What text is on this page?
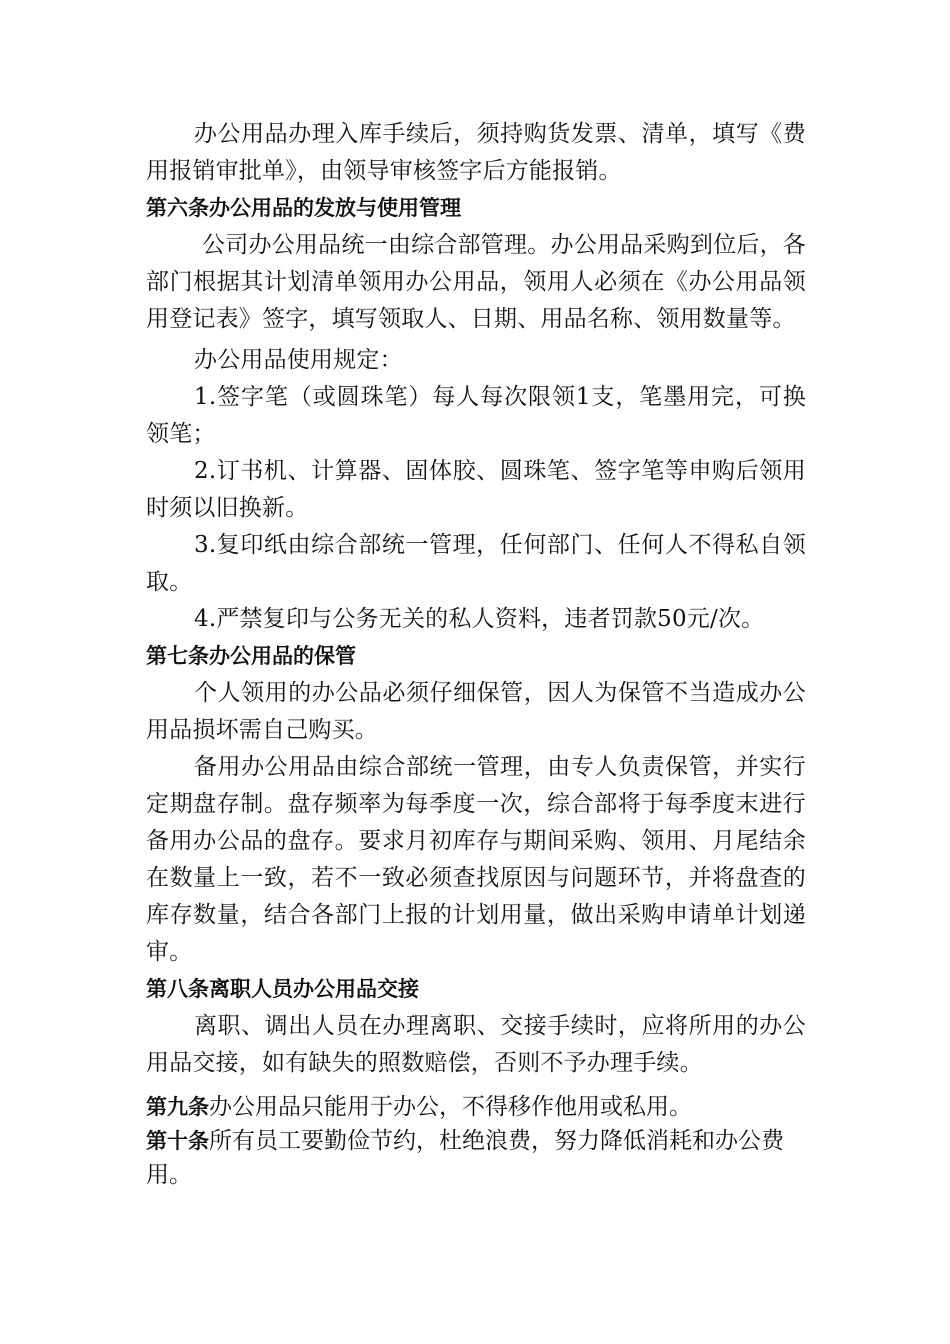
办公用品办理入库手续后，须持购货发票、清单，填写《费用报销审批单》，由领导审核签字后方能报销。

第六条办公用品的发放与使用管理

公司办公用品统一由综合部管理。办公用品采购到位后，各部门根据其计划清单领用办公用品，领用人必须在《办公用品领用登记表》签字，填写领取人、日期、用品名称、领用数量等。

办公用品使用规定：

1.签字笔（或圆珠笔）每人每次限领1支，笔墨用完，可换领笔；

2.订书机、计算器、固体胶、圆珠笔、签字笔等申购后领用时须以旧换新。

3.复印纸由综合部统一管理，任何部门、任何人不得私自领取。

4.严禁复印与公务无关的私人资料，违者罚款50元/次。

第七条办公用品的保管

个人领用的办公品必须仔细保管，因人为保管不当造成办公用品损坏需自己购买。

备用办公用品由综合部统一管理，由专人负责保管，并实行定期盘存制。盘存频率为每季度一次，综合部将于每季度末进行备用办公品的盘存。要求月初库存与期间采购、领用、月尾结余在数量上一致，若不一致必须查找原因与问题环节，并将盘查的库存数量，结合各部门上报的计划用量，做出采购申请单计划递审。

第八条离职人员办公用品交接

离职、调出人员在办理离职、交接手续时，应将所用的办公用品交接，如有缺失的照数赔偿，否则不予办理手续。

第九条办公用品只能用于办公，不得移作他用或私用。

第十条所有员工要勤俭节约，杜绝浪费，努力降低消耗和办公费用。
